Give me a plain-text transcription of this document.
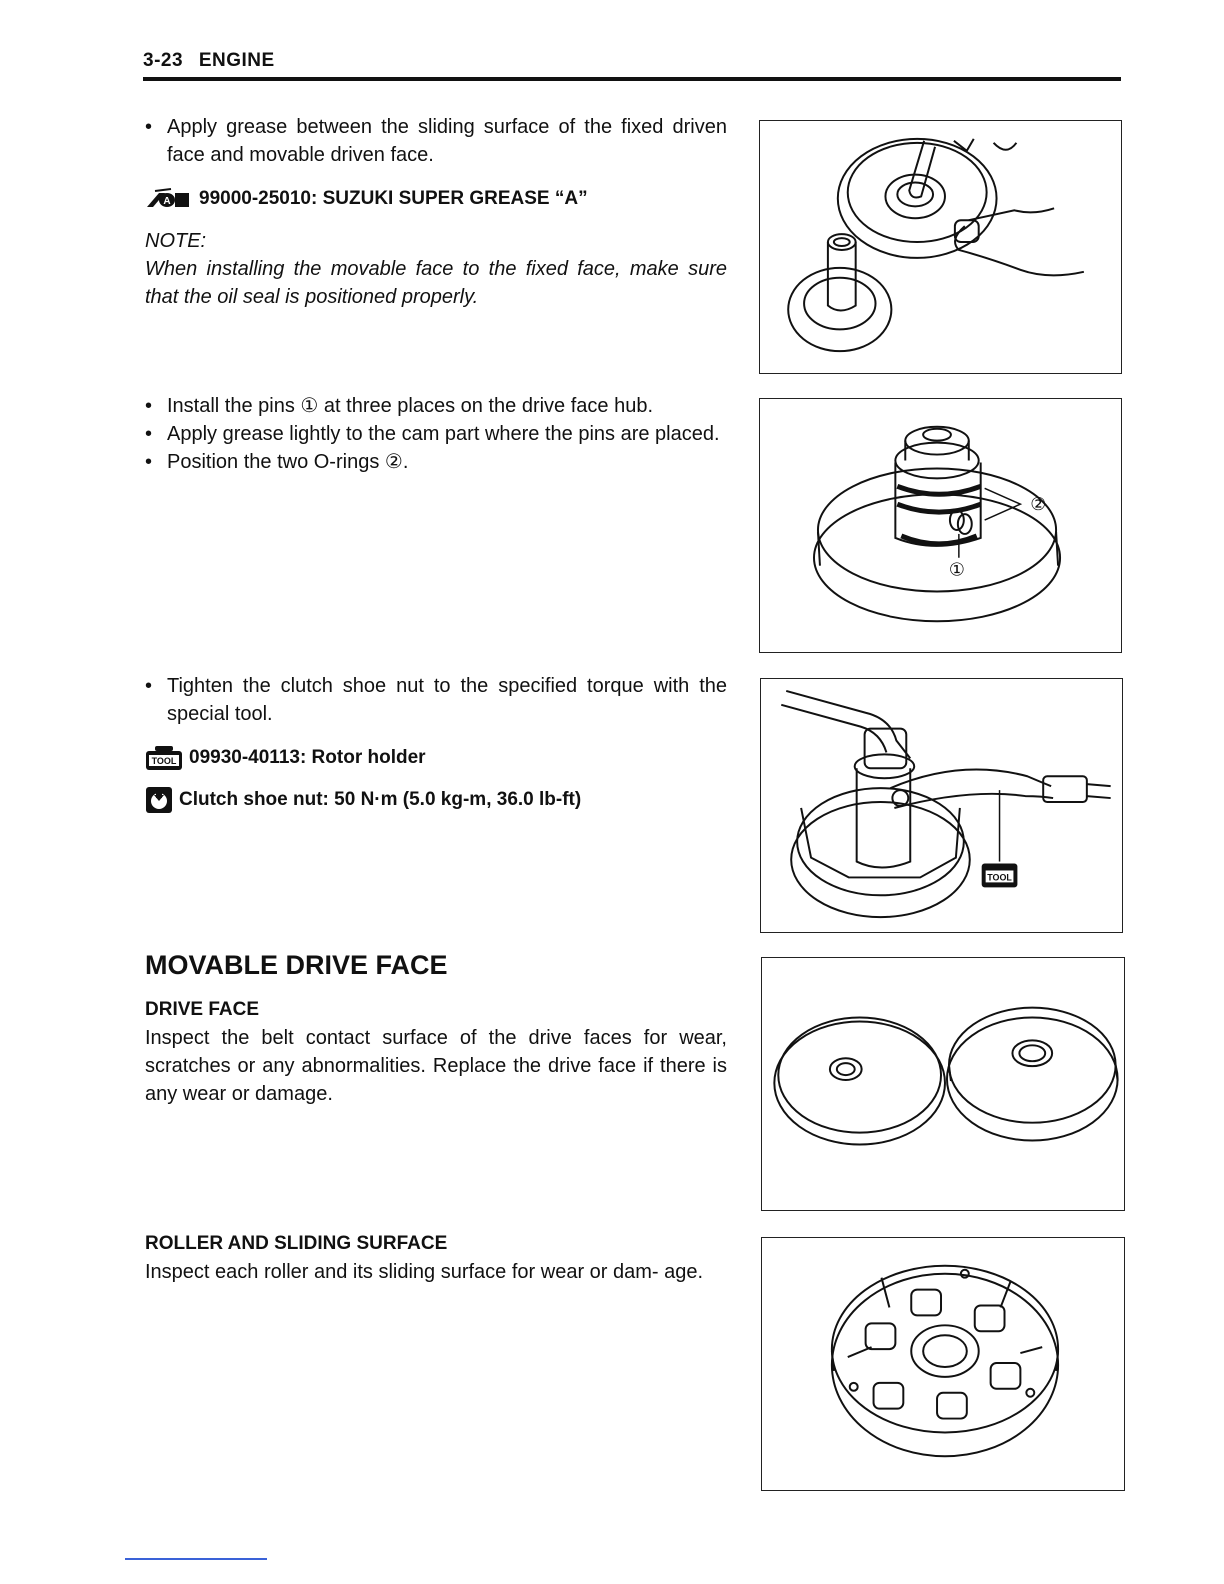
3-23 ENGINE
• Apply grease between the sliding surface of the fixed driven face and movable driven face.
A 99000-25010: SUZUKI SUPER GREASE “A”
NOTE:
When installing the movable face to the fixed face, make sure that the oil seal is positioned properly.
• Install the pins ① at three places on the drive face hub.
• Apply grease lightly to the cam part where the pins are placed.
• Position the two O-rings ②.
• Tighten the clutch shoe nut to the specified torque with the special tool.
TOOL 09930-40113: Rotor holder
Clutch shoe nut: 50 N·m (5.0 kg-m, 36.0 lb-ft)
MOVABLE DRIVE FACE
DRIVE FACE
Inspect the belt contact surface of the drive faces for wear, scratches or any abnormalities. Replace the drive face if there is any wear or damage.
ROLLER AND SLIDING SURFACE
Inspect each roller and its sliding surface for wear or dam- age.
②
①
TOOL
